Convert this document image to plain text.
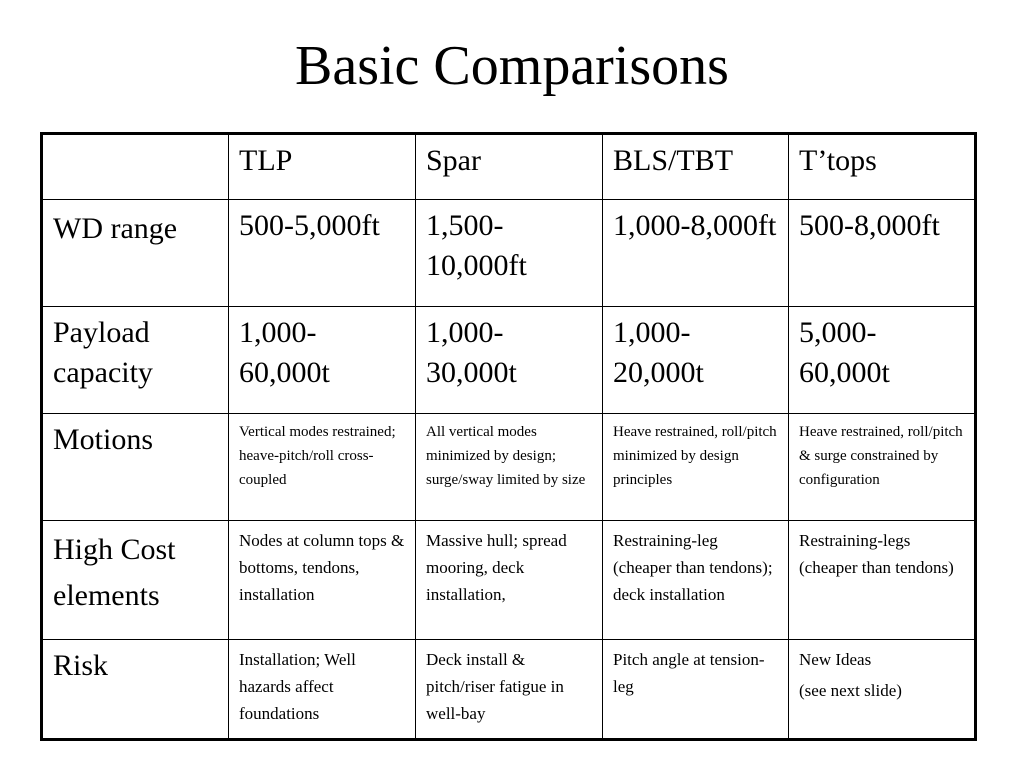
Basic Comparisons

	TLP	Spar	BLS/TBT	T’tops

WD range	500-5,000ft	1,500-10,000ft	1,000-8,000ft	500-8,000ft

Payload capacity	1,000-60,000t	1,000-30,000t	1,000-20,000t	5,000-60,000t

Motions	Vertical modes restrained; heave-pitch/roll cross-coupled	All vertical modes minimized by design; surge/sway limited by size	Heave restrained, roll/pitch minimized by design principles	Heave restrained, roll/pitch & surge constrained by configuration

High Cost elements	Nodes at column tops & bottoms, tendons, installation	Massive hull; spread mooring, deck installation,	Restraining-leg (cheaper than tendons); deck installation	Restraining-legs (cheaper than tendons)

Risk	Installation; Well hazards affect foundations	Deck install & pitch/riser fatigue in well-bay	Pitch angle at tension-leg	New Ideas
(see next slide)
